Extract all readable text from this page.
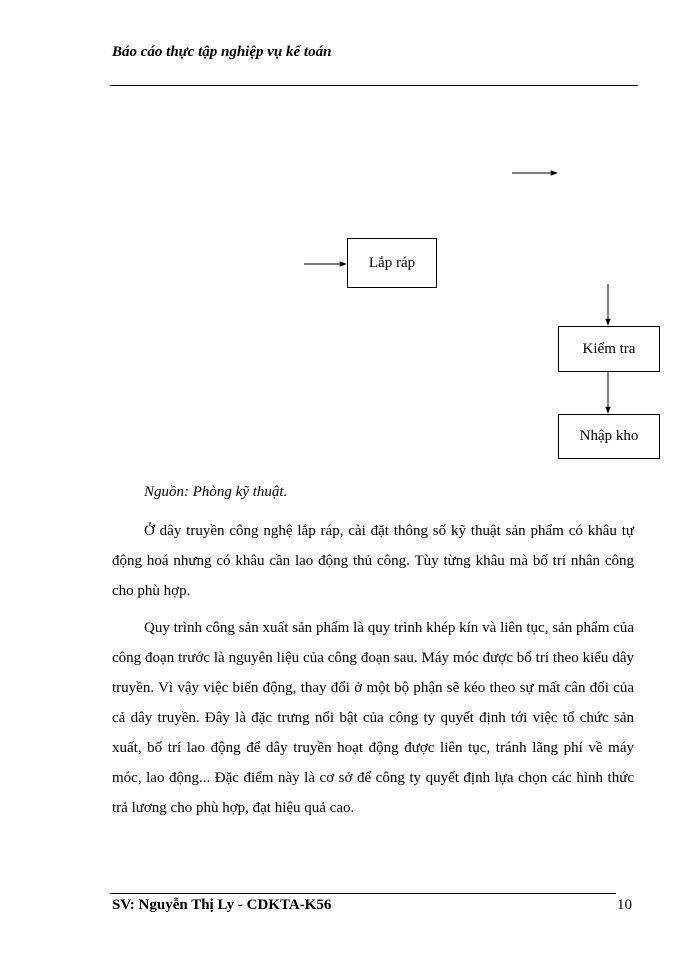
Báo cáo thực tập nghiệp vụ kế toán
Lắp ráp
Kiểm tra
Nhập kho
Nguồn: Phòng kỹ thuật.

Ở dây truyền công nghệ lắp ráp, cài đặt thông số kỹ thuật sản phẩm có khâu tự động hoá nhưng có khâu cần lao động thủ công. Tùy từng khâu mà bố trí nhân công cho phù hợp.

Quy trình công sản xuất sản phẩm là quy trình khép kín và liên tục, sản phẩm của công đoạn trước là nguyên liệu của công đoạn sau. Máy móc được bố trí theo kiểu dây truyền. Vì vậy việc biến động, thay đổi ở một bộ phận sẽ kéo theo sự mất cân đối của cả dây truyền. Đây là đặc trưng nổi bật của công ty quyết định tới việc tổ chức sản xuất, bố trí lao động để dây truyền hoạt động được liên tục, tránh lãng phí về máy móc, lao động... Đặc điểm này là cơ sở để công ty quyết định lựa chọn các hình thức trả lương cho phù hợp, đạt hiệu quả cao.

SV: Nguyễn Thị Ly - CDKTA-K56	10
